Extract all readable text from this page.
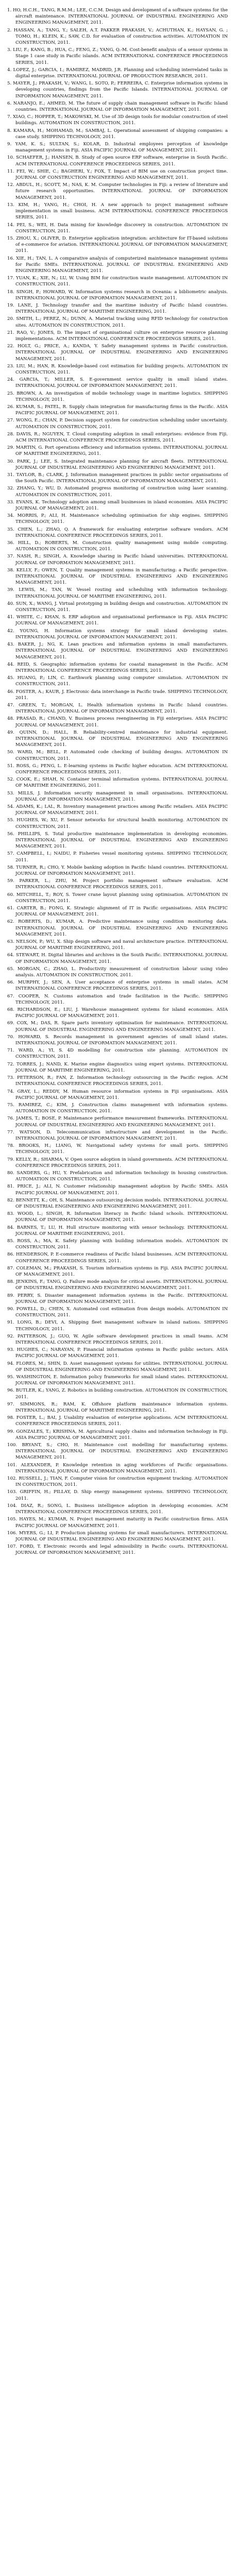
1. HO, H.C.H., TANG, R.M.M.; LEE, C.C.M. Design and development of a software systems for the aircraft maintenance. INTERNATIONAL JOURNAL OF INDUSTRIAL ENGINEERING AND ENGINEERING MANAGEMENT, 2011.
2. HASSAN, A.; TANG, Y.; SALEH, A.T. PAKKER PRAKASH, V.; ACHUTHAN, K.; HAYSAN, G. ; TOMO, H.; KLEIN, K.; SAW, C.D. for evaluation of construction activities. AUTOMATION IN CONSTRUCTION, 2011.
3. LIU, F.; KANG, B.; HUA, C.; FENG, Z.; YANG, Q.-M. Cost-benefit analysis of a sensor systems in Stage 1 case study in Pacific islands. ACM INTERNATIONAL CONFERENCE PROCEEDINGS SERIES, 2011.
4. LOPEZ, J.; GARCIA, I.; RAMIREZ, MADRID, J.R. Planning and scheduling interrelated tasks in digital enterprise. INTERNATIONAL JOURNAL OF PRODUCTION RESEARCH, 2011.
5. MAYER, J.; PRAKASH, V.; WANG, L. SOTO, P.; FERREIRA, C. Enterprise information systems in developing countries, findings from the Pacific Islands. INTERNATIONAL JOURNAL OF INFORMATION MANAGEMENT, 2011.
6. NARANJO, E.; AHMED, M. The future of supply chain management software in Pacific Island countries. INTERNATIONAL JOURNAL OF INFORMATION MANAGEMENT, 2011.
7. XIAO, C.; HOPPER, T.; MAKOWSKI, M. Use of 3D design tools for modular construction of steel buildings. AUTOMATION IN CONSTRUCTION, 2011.
8. KAMARA, H.; MOHAMAD, M.; SAMBAJ, L. Operational assessment of shipping companies: a case study. SHIPPING TECHNOLOGY, 2011.
9. YAM, K. S.; SULTAN, S.; KOLAR, D. Industrial employees perception of knowledge management systems in Fiji. ASIA PACIFIC JOURNAL OF MANAGEMENT, 2011.
10. SCHAEFER, J.; HANSEN, B. Study of open source ERP software, enterprise in South Pacific. ACM INTERNATIONAL CONFERENCE PROCEEDINGS SERIES, 2011.
11. FEI, W.; SHIE, C.; BAGHERI, Y.; FOX, T. Impact of BIM use on construction project time. JOURNAL OF CONSTRUCTION ENGINEERING AND MANAGEMENT, 2011.
12. ABDUL, H.; SCOTT, M.; NAS, K. M. Computer technologies in Fiji: a review of literature and future research opportunities. INTERNATIONAL JOURNAL OF INFORMATION MANAGEMENT, 2011.
13. KIM, H.; YANG, H.; CHOI, H. A new approach to project management software implementation in small business. ACM INTERNATIONAL CONFERENCE PROCEEDINGS SERIES, 2011.
14. PEI, S.; WEI, H. Data mining for knowledge discovery in construction. AUTOMATION IN CONSTRUCTION, 2011.
15. ZHOU, X.; OLIVER, D. Enterprise application integration: architecture for IT-based solutions of e-commerce for aviation. INTERNATIONAL JOURNAL OF INFORMATION MANAGEMENT, 2011.
16. XIE, H.; TAN, L. A comparative analysis of computerized maintenance management systems for Pacific SMEs. INTERNATIONAL JOURNAL OF INDUSTRIAL ENGINEERING AND ENGINEERING MANAGEMENT, 2011.
17. YUAN, K.; XIE, N.; LU, W. Using BIM for construction waste management. AUTOMATION IN CONSTRUCTION, 2011.
18. SINGH, P.; HOWARD, W. Information systems research in Oceania: a bibliometric analysis. INTERNATIONAL JOURNAL OF INFORMATION MANAGEMENT, 2011.
19. LANE, J. Technology transfer and the maritime industry of Pacific Island countries. INTERNATIONAL JOURNAL OF MARITIME ENGINEERING, 2011.
20. SMITH, L.; PEREZ, N.; DUNN, A. Material tracking using RFID technology for construction sites. AUTOMATION IN CONSTRUCTION, 2011.
21. RAO, V.; JONES, D. The impact of organisational culture on enterprise resource planning implementations. ACM INTERNATIONAL CONFERENCE PROCEEDINGS SERIES, 2011.
22. HOLT, G.; PRICE, A.; KANDA, Y. Safety management systems in Pacific construction. INTERNATIONAL JOURNAL OF INDUSTRIAL ENGINEERING AND ENGINEERING MANAGEMENT, 2011.
23. LIU, M.; HAN, R. Knowledge-based cost estimation for building projects. AUTOMATION IN CONSTRUCTION, 2011.
24. GARCIA, T.; MILLER, S. E-government service quality in small island states. INTERNATIONAL JOURNAL OF INFORMATION MANAGEMENT, 2011.
25. BROWN, A. An investigation of mobile technology usage in maritime logistics. SHIPPING TECHNOLOGY, 2011.
26. KUMAR, S.; PATEL, R. Supply chain integration for manufacturing firms in the Pacific. ASIA PACIFIC JOURNAL OF MANAGEMENT, 2011.
27. WONG, E.; CHAN, P. Decision support system for construction scheduling under uncertainty. AUTOMATION IN CONSTRUCTION, 2011.
28. DAVIS, R.; NGUYEN, T. Cloud computing adoption in small enterprises: evidence from Fiji. ACM INTERNATIONAL CONFERENCE PROCEEDINGS SERIES, 2011.
29. MARTIN, G. Port operations efficiency and information systems. INTERNATIONAL JOURNAL OF MARITIME ENGINEERING, 2011.
30. PARK, J.; LEE, S. Integrated maintenance planning for aircraft fleets. INTERNATIONAL JOURNAL OF INDUSTRIAL ENGINEERING AND ENGINEERING MANAGEMENT, 2011.
31. TAYLOR, B.; CLARK, J. Information management practices in public sector organisations of the South Pacific. INTERNATIONAL JOURNAL OF INFORMATION MANAGEMENT, 2011.
32. ZHANG, Y.; WU, D. Automated progress monitoring of construction using laser scanning. AUTOMATION IN CONSTRUCTION, 2011.
33. EVANS, K. Technology adoption among small businesses in island economies. ASIA PACIFIC JOURNAL OF MANAGEMENT, 2011.
34. MORRIS, P.; ALI, H. Maintenance scheduling optimisation for ship engines. SHIPPING TECHNOLOGY, 2011.
35. CHEN, L.; ZHAO, Q. A framework for evaluating enterprise software vendors. ACM INTERNATIONAL CONFERENCE PROCEEDINGS SERIES, 2011.
36. HILL, D.; ROBERTS, M. Construction quality management using mobile computing. AUTOMATION IN CONSTRUCTION, 2011.
37. NASH, R.; SINGH, A. Knowledge sharing in Pacific Island universities. INTERNATIONAL JOURNAL OF INFORMATION MANAGEMENT, 2011.
38. KELLY, F.; OWEN, T. Quality management systems in manufacturing: a Pacific perspective. INTERNATIONAL JOURNAL OF INDUSTRIAL ENGINEERING AND ENGINEERING MANAGEMENT, 2011.
39. LEWIS, M.; TAN, W. Vessel routing and scheduling with information technology. INTERNATIONAL JOURNAL OF MARITIME ENGINEERING, 2011.
40. SUN, X.; WANG, J. Virtual prototyping in building design and construction. AUTOMATION IN CONSTRUCTION, 2011.
41. WHITE, C.; KHAN, S. ERP adoption and organisational performance in Fiji. ASIA PACIFIC JOURNAL OF MANAGEMENT, 2011.
42. YOUNG, H. Information systems strategy for small island developing states. INTERNATIONAL JOURNAL OF INFORMATION MANAGEMENT, 2011.
43. BAKER, J.; NG, K. Lean practices and information systems in small manufacturers. INTERNATIONAL JOURNAL OF INDUSTRIAL ENGINEERING AND ENGINEERING MANAGEMENT, 2011.
44. REID, S. Geographic information systems for coastal management in the Pacific. ACM INTERNATIONAL CONFERENCE PROCEEDINGS SERIES, 2011.
45. HUANG, P.; LIN, C. Earthwork planning using computer simulation. AUTOMATION IN CONSTRUCTION, 2011.
46. FOSTER, A.; KAUR, J. Electronic data interchange in Pacific trade. SHIPPING TECHNOLOGY, 2011.
47. GREEN, T.; MORGAN, L. Health information systems in Pacific Island countries. INTERNATIONAL JOURNAL OF INFORMATION MANAGEMENT, 2011.
48. PRASAD, R.; CHAND, V. Business process reengineering in Fiji enterprises. ASIA PACIFIC JOURNAL OF MANAGEMENT, 2011.
49. QUINN, D.; HALL, B. Reliability-centred maintenance for industrial equipment. INTERNATIONAL JOURNAL OF INDUSTRIAL ENGINEERING AND ENGINEERING MANAGEMENT, 2011.
50. WARD, M.; BELL, P. Automated code checking of building designs. AUTOMATION IN CONSTRUCTION, 2011.
51. ROSS, G.; PENG, L. E-learning systems in Pacific higher education. ACM INTERNATIONAL CONFERENCE PROCEEDINGS SERIES, 2011.
52. COOK, E.; SHAH, N. Container terminal information systems. INTERNATIONAL JOURNAL OF MARITIME ENGINEERING, 2011.
53. MILLS, J. Information security management in small organisations. INTERNATIONAL JOURNAL OF INFORMATION MANAGEMENT, 2011.
54. ADAMS, K.; LAL, R. Inventory management practices among Pacific retailers. ASIA PACIFIC JOURNAL OF MANAGEMENT, 2011.
55. HUGHES, W.; XU, F. Sensor networks for structural health monitoring. AUTOMATION IN CONSTRUCTION, 2011.
56. PHILLIPS, S. Total productive maintenance implementation in developing economies. INTERNATIONAL JOURNAL OF INDUSTRIAL ENGINEERING AND ENGINEERING MANAGEMENT, 2011.
57. CAMPBELL, I.; NAIDU, P. Fisheries vessel monitoring systems. SHIPPING TECHNOLOGY, 2011.
58. TURNER, R.; CHO, Y. Mobile banking adoption in Pacific Island countries. INTERNATIONAL JOURNAL OF INFORMATION MANAGEMENT, 2011.
59. PARKER, L.; ZHU, M. Project portfolio management software evaluation. ACM INTERNATIONAL CONFERENCE PROCEEDINGS SERIES, 2011.
60. MITCHELL, T.; ROY, S. Tower crane layout planning using optimisation. AUTOMATION IN CONSTRUCTION, 2011.
61. CARTER, B.; FONG, K. Strategic alignment of IT in Pacific organisations. ASIA PACIFIC JOURNAL OF MANAGEMENT, 2011.
62. ROBERTS, D.; KUMAR, A. Predictive maintenance using condition monitoring data. INTERNATIONAL JOURNAL OF INDUSTRIAL ENGINEERING AND ENGINEERING MANAGEMENT, 2011.
63. NELSON, P.; WU, X. Ship design software and naval architecture practice. INTERNATIONAL JOURNAL OF MARITIME ENGINEERING, 2011.
64. STEWART, H. Digital libraries and archives in the South Pacific. INTERNATIONAL JOURNAL OF INFORMATION MANAGEMENT, 2011.
65. MORGAN, C.; ZHAO, L. Productivity measurement of construction labour using video analysis. AUTOMATION IN CONSTRUCTION, 2011.
66. MURPHY, J.; SEN, A. User acceptance of enterprise systems in small states. ACM INTERNATIONAL CONFERENCE PROCEEDINGS SERIES, 2011.
67. COOPER, N. Customs automation and trade facilitation in the Pacific. SHIPPING TECHNOLOGY, 2011.
68. RICHARDSON, E.; LIU, J. Warehouse management systems for island economies. ASIA PACIFIC JOURNAL OF MANAGEMENT, 2011.
69. COX, M.; DAS, R. Spare parts inventory optimisation for maintenance. INTERNATIONAL JOURNAL OF INDUSTRIAL ENGINEERING AND ENGINEERING MANAGEMENT, 2011.
70. HOWARD, S. Records management in government agencies of small island states. INTERNATIONAL JOURNAL OF INFORMATION MANAGEMENT, 2011.
71. WARD, A.; YI, S. 4D modelling for construction site planning. AUTOMATION IN CONSTRUCTION, 2011.
72. TORRES, J.; NAND, K. Marine engine diagnostics using expert systems. INTERNATIONAL JOURNAL OF MARITIME ENGINEERING, 2011.
73. PETERSON, R.; FAN, Z. Information technology outsourcing in the Pacific region. ACM INTERNATIONAL CONFERENCE PROCEEDINGS SERIES, 2011.
74. GRAY, L.; REDDY, M. Human resource information systems in Fiji organisations. ASIA PACIFIC JOURNAL OF MANAGEMENT, 2011.
75. RAMIREZ, C.; KIM, J. Construction claims management with information systems. AUTOMATION IN CONSTRUCTION, 2011.
76. JAMES, T.; BOSE, P. Maintenance performance measurement frameworks. INTERNATIONAL JOURNAL OF INDUSTRIAL ENGINEERING AND ENGINEERING MANAGEMENT, 2011.
77. WATSON, D. Telecommunication infrastructure and development in the Pacific. INTERNATIONAL JOURNAL OF INFORMATION MANAGEMENT, 2011.
78. BROOKS, H.; LIANG, W. Navigational safety systems for small ports. SHIPPING TECHNOLOGY, 2011.
79. KELLY, R.; SHARMA, V. Open source adoption in island governments. ACM INTERNATIONAL CONFERENCE PROCEEDINGS SERIES, 2011.
80. SANDERS, G.; HU, Y. Prefabrication and information technology in housing construction. AUTOMATION IN CONSTRUCTION, 2011.
81. PRICE, J.; ALI, N. Customer relationship management adoption by Pacific SMEs. ASIA PACIFIC JOURNAL OF MANAGEMENT, 2011.
82. BENNETT, K.; OH, S. Maintenance outsourcing decision models. INTERNATIONAL JOURNAL OF INDUSTRIAL ENGINEERING AND ENGINEERING MANAGEMENT, 2011.
83. WOOD, L.; SINGH, R. Information literacy in Pacific Island schools. INTERNATIONAL JOURNAL OF INFORMATION MANAGEMENT, 2011.
84. BARNES, T.; LU, H. Hull structure monitoring with sensor technology. INTERNATIONAL JOURNAL OF MARITIME ENGINEERING, 2011.
85. ROSS, A.; MA, K. Safety planning with building information models. AUTOMATION IN CONSTRUCTION, 2011.
86. HENDERSON, P. E-commerce readiness of Pacific Island businesses. ACM INTERNATIONAL CONFERENCE PROCEEDINGS SERIES, 2011.
87. COLEMAN, M.; PRAKASH, S. Tourism information systems in Fiji. ASIA PACIFIC JOURNAL OF MANAGEMENT, 2011.
88. JENKINS, F.; TANG, Q. Failure mode analysis for critical assets. INTERNATIONAL JOURNAL OF INDUSTRIAL ENGINEERING AND ENGINEERING MANAGEMENT, 2011.
89. PERRY, S. Disaster management information systems in the Pacific. INTERNATIONAL JOURNAL OF INFORMATION MANAGEMENT, 2011.
90. POWELL, D.; CHEN, X. Automated cost estimation from design models. AUTOMATION IN CONSTRUCTION, 2011.
91. LONG, B.; DEVI, A. Shipping fleet management software in island nations. SHIPPING TECHNOLOGY, 2011.
92. PATTERSON, J.; GUO, W. Agile software development practices in small teams. ACM INTERNATIONAL CONFERENCE PROCEEDINGS SERIES, 2011.
93. HUGHES, C.; NARAYAN, P. Financial information systems in Pacific public sectors. ASIA PACIFIC JOURNAL OF MANAGEMENT, 2011.
94. FLORES, M.; SHIN, D. Asset management systems for utilities. INTERNATIONAL JOURNAL OF INDUSTRIAL ENGINEERING AND ENGINEERING MANAGEMENT, 2011.
95. WASHINGTON, E. Information policy frameworks for small island states. INTERNATIONAL JOURNAL OF INFORMATION MANAGEMENT, 2011.
96. BUTLER, K.; YANG, Z. Robotics in building construction. AUTOMATION IN CONSTRUCTION, 2011.
97. SIMMONS, R.; RAM, K. Offshore platform maintenance information systems. INTERNATIONAL JOURNAL OF MARITIME ENGINEERING, 2011.
98. FOSTER, L.; BAI, J. Usability evaluation of enterprise applications. ACM INTERNATIONAL CONFERENCE PROCEEDINGS SERIES, 2011.
99. GONZALES, T.; KRISHNA, M. Agricultural supply chains and information technology in Fiji. ASIA PACIFIC JOURNAL OF MANAGEMENT, 2011.
100. BRYANT, S.; CHO, H. Maintenance cost modelling for manufacturing systems. INTERNATIONAL JOURNAL OF INDUSTRIAL ENGINEERING AND ENGINEERING MANAGEMENT, 2011.
101. ALEXANDER, P. Knowledge retention in aging workforces of Pacific organisations. INTERNATIONAL JOURNAL OF INFORMATION MANAGEMENT, 2011.
102. RUSSELL, J.; TIAN, F. Computer vision for construction equipment tracking. AUTOMATION IN CONSTRUCTION, 2011.
103. GRIFFIN, H.; PILLAY, D. Ship energy management systems. SHIPPING TECHNOLOGY, 2011.
104. DIAZ, R.; SONG, L. Business intelligence adoption in developing economies. ACM INTERNATIONAL CONFERENCE PROCEEDINGS SERIES, 2011.
105. HAYES, M.; KUMAR, N. Project management maturity in Pacific construction firms. ASIA PACIFIC JOURNAL OF MANAGEMENT, 2011.
106. MYERS, G.; LI, P. Production planning systems for small manufacturers. INTERNATIONAL JOURNAL OF INDUSTRIAL ENGINEERING AND ENGINEERING MANAGEMENT, 2011.
107. FORD, T. Electronic records and legal admissibility in Pacific courts. INTERNATIONAL JOURNAL OF INFORMATION MANAGEMENT, 2011.
